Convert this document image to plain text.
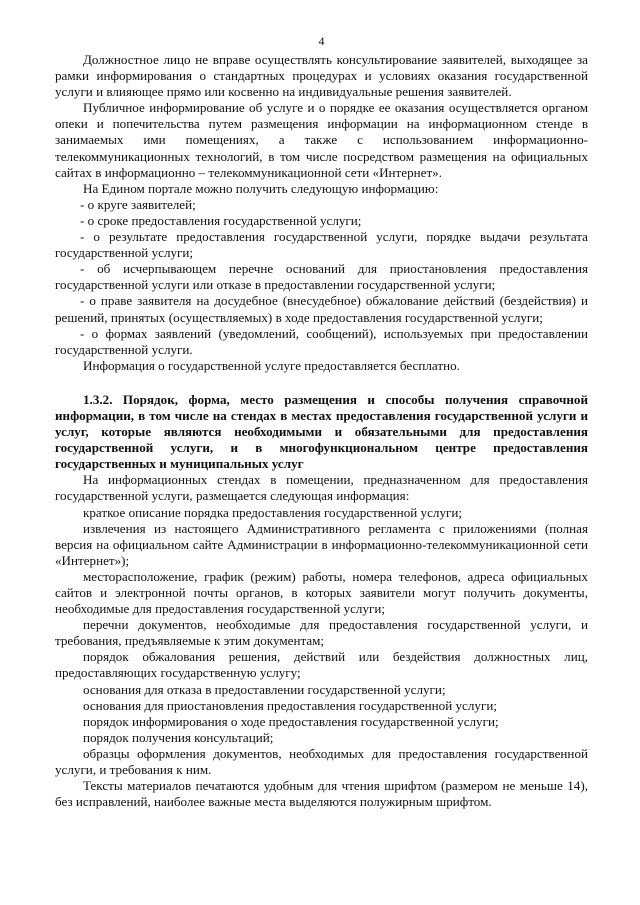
4

Должностное лицо не вправе осуществлять консультирование заявителей, выходящее за рамки информирования о стандартных процедурах и условиях оказания государственной услуги и влияющее прямо или косвенно на индивидуальные решения заявителей.

Публичное информирование об услуге и о порядке ее оказания осуществляется органом опеки и попечительства путем размещения информации на информационном стенде в занимаемых ими помещениях, а также с использованием информационно-телекоммуникационных технологий, в том числе посредством размещения на официальных сайтах в информационно – телекоммуникационной сети «Интернет».

На Едином портале можно получить следующую информацию:

- о круге заявителей;

- о сроке предоставления государственной услуги;

- о результате предоставления государственной услуги, порядке выдачи результата государственной услуги;

- об исчерпывающем перечне оснований для приостановления предоставления государственной услуги или отказе в предоставлении государственной услуги;

- о праве заявителя на досудебное (внесудебное) обжалование действий (бездействия) и решений, принятых (осуществляемых) в ходе предоставления государственной услуги;

- о формах заявлений (уведомлений, сообщений), используемых при предоставлении государственной услуги.

Информация о государственной услуге предоставляется бесплатно.

1.3.2. Порядок, форма, место размещения и способы получения справочной информации, в том числе на стендах в местах предоставления государственной услуги и услуг, которые являются необходимыми и обязательными для предоставления государственной услуги, и в многофункциональном центре предоставления государственных и муниципальных услуг

На информационных стендах в помещении, предназначенном для предоставления государственной услуги, размещается следующая информация:

краткое описание порядка предоставления государственной услуги;

извлечения из настоящего Административного регламента с приложениями (полная версия на официальном сайте Администрации в информационно-телекоммуникационной сети «Интернет»);

месторасположение, график (режим) работы, номера телефонов, адреса официальных сайтов и электронной почты органов, в которых заявители могут получить документы, необходимые для предоставления государственной услуги;

перечни документов, необходимые для предоставления государственной услуги, и требования, предъявляемые к этим документам;

порядок обжалования решения, действий или бездействия должностных лиц, предоставляющих государственную услугу;

основания для отказа в предоставлении государственной услуги;

основания для приостановления предоставления государственной услуги;

порядок информирования о ходе предоставления государственной услуги;

порядок получения консультаций;

образцы оформления документов, необходимых для предоставления государственной услуги, и требования к ним.

Тексты материалов печатаются удобным для чтения шрифтом (размером не меньше 14), без исправлений, наиболее важные места выделяются полужирным шрифтом.
